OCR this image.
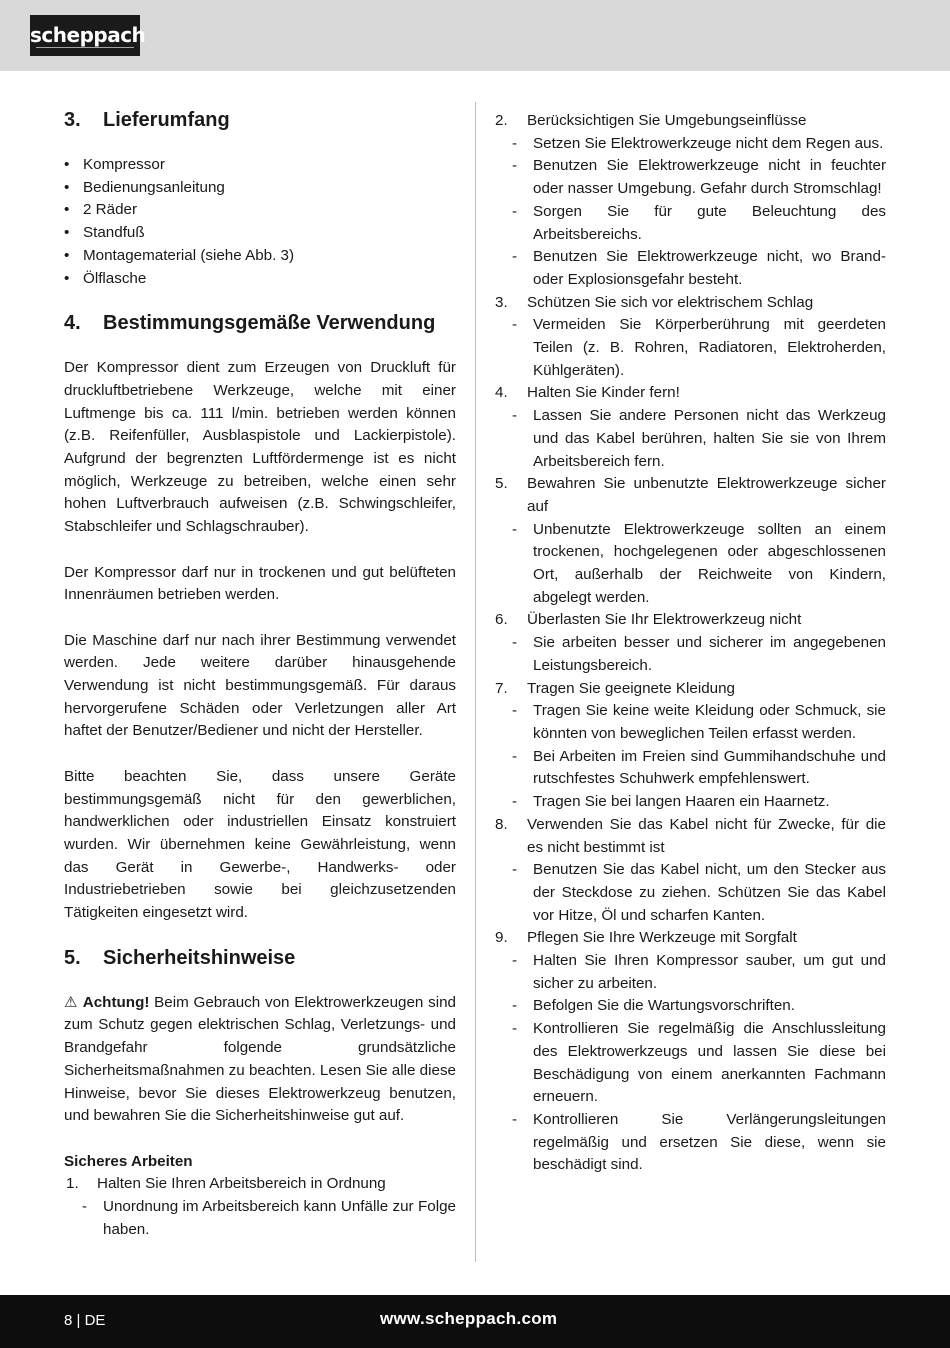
scheppach
3.	Lieferumfang
• Kompressor
• Bedienungsanleitung
• 2 Räder
• Standfuß
• Montagematerial (siehe Abb. 3)
• Ölflasche
4.	Bestimmungsgemäße Verwendung
Der Kompressor dient zum Erzeugen von Druckluft für druckluftbetriebene Werkzeuge, welche mit einer Luftmenge bis ca. 111 l/min. betrieben werden können (z.B. Reifenfüller, Ausblaspistole und Lackierpistole). Aufgrund der begrenzten Luftfördermenge ist es nicht möglich, Werkzeuge zu betreiben, welche einen sehr hohen Luftverbrauch aufweisen (z.B. Schwingschleifer, Stabschleifer und Schlagschrauber).
Der Kompressor darf nur in trockenen und gut belüfteten Innenräumen betrieben werden.
Die Maschine darf nur nach ihrer Bestimmung verwendet werden. Jede weitere darüber hinausgehende Verwendung ist nicht bestimmungsgemäß. Für daraus hervorgerufene Schäden oder Verletzungen aller Art haftet der Benutzer/Bediener und nicht der Hersteller.
Bitte beachten Sie, dass unsere Geräte bestimmungsgemäß nicht für den gewerblichen, handwerklichen oder industriellen Einsatz konstruiert wurden. Wir übernehmen keine Gewährleistung, wenn das Gerät in Gewerbe-, Handwerks- oder Industriebetrieben sowie bei gleichzusetzenden Tätigkeiten eingesetzt wird.
5.	Sicherheitshinweise
⚠ Achtung! Beim Gebrauch von Elektrowerkzeugen sind zum Schutz gegen elektrischen Schlag, Verletzungs- und Brandgefahr folgende grundsätzliche Sicherheitsmaßnahmen zu beachten. Lesen Sie alle diese Hinweise, bevor Sie dieses Elektrowerkzeug benutzen, und bewahren Sie die Sicherheitshinweise gut auf.
Sicheres Arbeiten
1.	Halten Sie Ihren Arbeitsbereich in Ordnung
-	Unordnung im Arbeitsbereich kann Unfälle zur Folge haben.
2.	Berücksichtigen Sie Umgebungseinflüsse
-	Setzen Sie Elektrowerkzeuge nicht dem Regen aus.
-	Benutzen Sie Elektrowerkzeuge nicht in feuchter oder nasser Umgebung. Gefahr durch Stromschlag!
-	Sorgen Sie für gute Beleuchtung des Arbeitsbereichs.
-	Benutzen Sie Elektrowerkzeuge nicht, wo Brand- oder Explosionsgefahr besteht.
3.	Schützen Sie sich vor elektrischem Schlag
-	Vermeiden Sie Körperberührung mit geerdeten Teilen (z. B. Rohren, Radiatoren, Elektroherden, Kühlgeräten).
4.	Halten Sie Kinder fern!
-	Lassen Sie andere Personen nicht das Werkzeug und das Kabel berühren, halten Sie sie von Ihrem Arbeitsbereich fern.
5.	Bewahren Sie unbenutzte Elektrowerkzeuge sicher auf
-	Unbenutzte Elektrowerkzeuge sollten an einem trockenen, hochgelegenen oder abgeschlossenen Ort, außerhalb der Reichweite von Kindern, abgelegt werden.
6.	Überlasten Sie Ihr Elektrowerkzeug nicht
-	Sie arbeiten besser und sicherer im angegebenen Leistungsbereich.
7.	Tragen Sie geeignete Kleidung
-	Tragen Sie keine weite Kleidung oder Schmuck, sie könnten von beweglichen Teilen erfasst werden.
-	Bei Arbeiten im Freien sind Gummihandschuhe und rutschfestes Schuhwerk empfehlenswert.
-	Tragen Sie bei langen Haaren ein Haarnetz.
8.	Verwenden Sie das Kabel nicht für Zwecke, für die es nicht bestimmt ist
-	Benutzen Sie das Kabel nicht, um den Stecker aus der Steckdose zu ziehen. Schützen Sie das Kabel vor Hitze, Öl und scharfen Kanten.
9.	Pflegen Sie Ihre Werkzeuge mit Sorgfalt
-	Halten Sie Ihren Kompressor sauber, um gut und sicher zu arbeiten.
-	Befolgen Sie die Wartungsvorschriften.
-	Kontrollieren Sie regelmäßig die Anschlussleitung des Elektrowerkzeugs und lassen Sie diese bei Beschädigung von einem anerkannten Fachmann erneuern.
-	Kontrollieren Sie Verlängerungsleitungen regelmäßig und ersetzen Sie diese, wenn sie beschädigt sind.
8 | DE	www.scheppach.com
